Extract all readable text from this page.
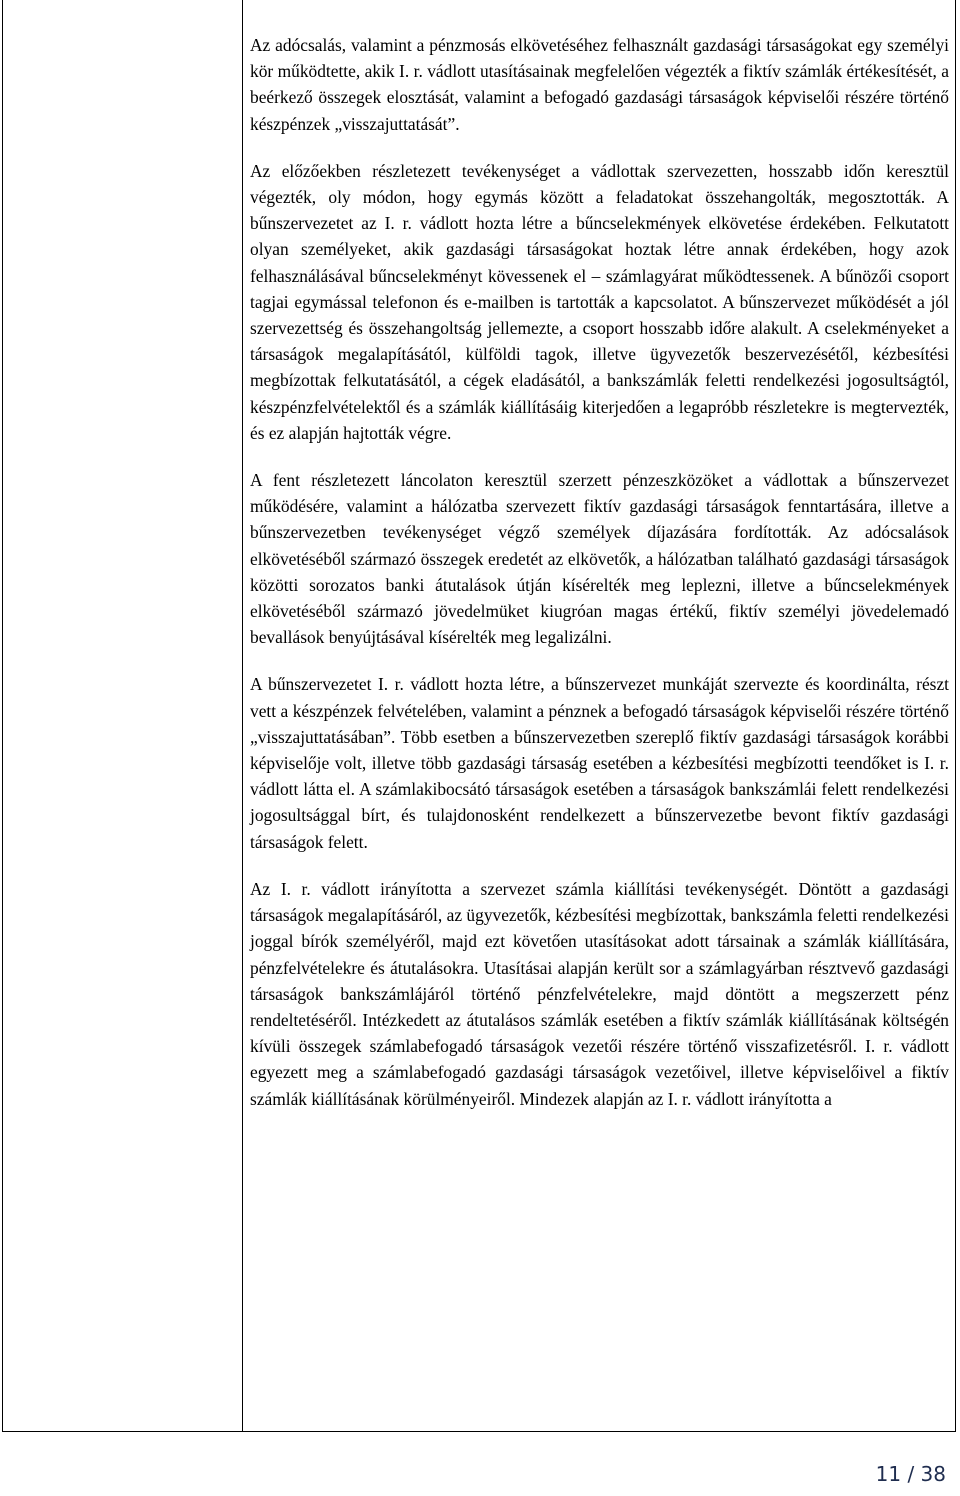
Az adócsalás, valamint a pénzmosás elkövetéséhez felhasznált gazdasági társaságokat egy személyi kör működtette, akik I. r. vádlott utasításainak megfelelően végezték a fiktív számlák értékesítését, a beérkező összegek elosztását, valamint a befogadó gazdasági társaságok képviselői részére történő készpénzek „visszajuttatását”.

Az előzőekben részletezett tevékenységet a vádlottak szervezetten, hosszabb időn keresztül végezték, oly módon, hogy egymás között a feladatokat összehangolták, megosztották. A bűnszervezetet az I. r. vádlott hozta létre a bűncselekmények elkövetése érdekében. Felkutatott olyan személyeket, akik gazdasági társaságokat hoztak létre annak érdekében, hogy azok felhasználásával bűncselekményt kövessenek el – számlagyárat működtessenek. A bűnözői csoport tagjai egymással telefonon és e-mailben is tartották a kapcsolatot. A bűnszervezet működését a jól szervezettség és összehangoltság jellemezte, a csoport hosszabb időre alakult. A cselekményeket a társaságok megalapításától, külföldi tagok, illetve ügyvezetők beszervezésétől, kézbesítési megbízottak felkutatásától, a cégek eladásától, a bankszámlák feletti rendelkezési jogosultságtól, készpénzfelvételektől és a számlák kiállításáig kiterjedően a legapróbb részletekre is megtervezték, és ez alapján hajtották végre.

A fent részletezett láncolaton keresztül szerzett pénzeszközöket a vádlottak a bűnszervezet működésére, valamint a hálózatba szervezett fiktív gazdasági társaságok fenntartására, illetve a bűnszervezetben tevékenységet végző személyek díjazására fordították. Az adócsalások elkövetéséből származó összegek eredetét az elkövetők, a hálózatban található gazdasági társaságok közötti sorozatos banki átutalások útján kísérelték meg leplezni, illetve a bűncselekmények elkövetéséből származó jövedelmüket kiugróan magas értékű, fiktív személyi jövedelemadó bevallások benyújtásával kísérelték meg legalizálni.

A bűnszervezetet I. r. vádlott hozta létre, a bűnszervezet munkáját szervezte és koordinálta, részt vett a készpénzek felvételében, valamint a pénznek a befogadó társaságok képviselői részére történő „visszajuttatásában”. Több esetben a bűnszervezetben szereplő fiktív gazdasági társaságok korábbi képviselője volt, illetve több gazdasági társaság esetében a kézbesítési megbízotti teendőket is I. r. vádlott látta el. A számlakibocsátó társaságok esetében a társaságok bankszámlái felett rendelkezési jogosultsággal bírt, és tulajdonosként rendelkezett a bűnszervezetbe bevont fiktív gazdasági társaságok felett.

Az I. r. vádlott irányította a szervezet számla kiállítási tevékenységét. Döntött a gazdasági társaságok megalapításáról, az ügyvezetők, kézbesítési megbízottak, bankszámla feletti rendelkezési joggal bírók személyéről, majd ezt követően utasításokat adott társainak a számlák kiállítására, pénzfelvételekre és átutalásokra. Utasításai alapján került sor a számlagyárban résztvevő gazdasági társaságok bankszámlájáról történő pénzfelvételekre, majd döntött a megszerzett pénz rendeltetéséről. Intézkedett az átutalásos számlák esetében a fiktív számlák kiállításának költségén kívüli összegek számlabefogadó társaságok vezetői részére történő visszafizetésről. I. r. vádlott egyezett meg a számlabefogadó gazdasági társaságok vezetőivel, illetve képviselőivel a fiktív számlák kiállításának körülményeiről. Mindezek alapján az I. r. vádlott irányította a

11 / 38
